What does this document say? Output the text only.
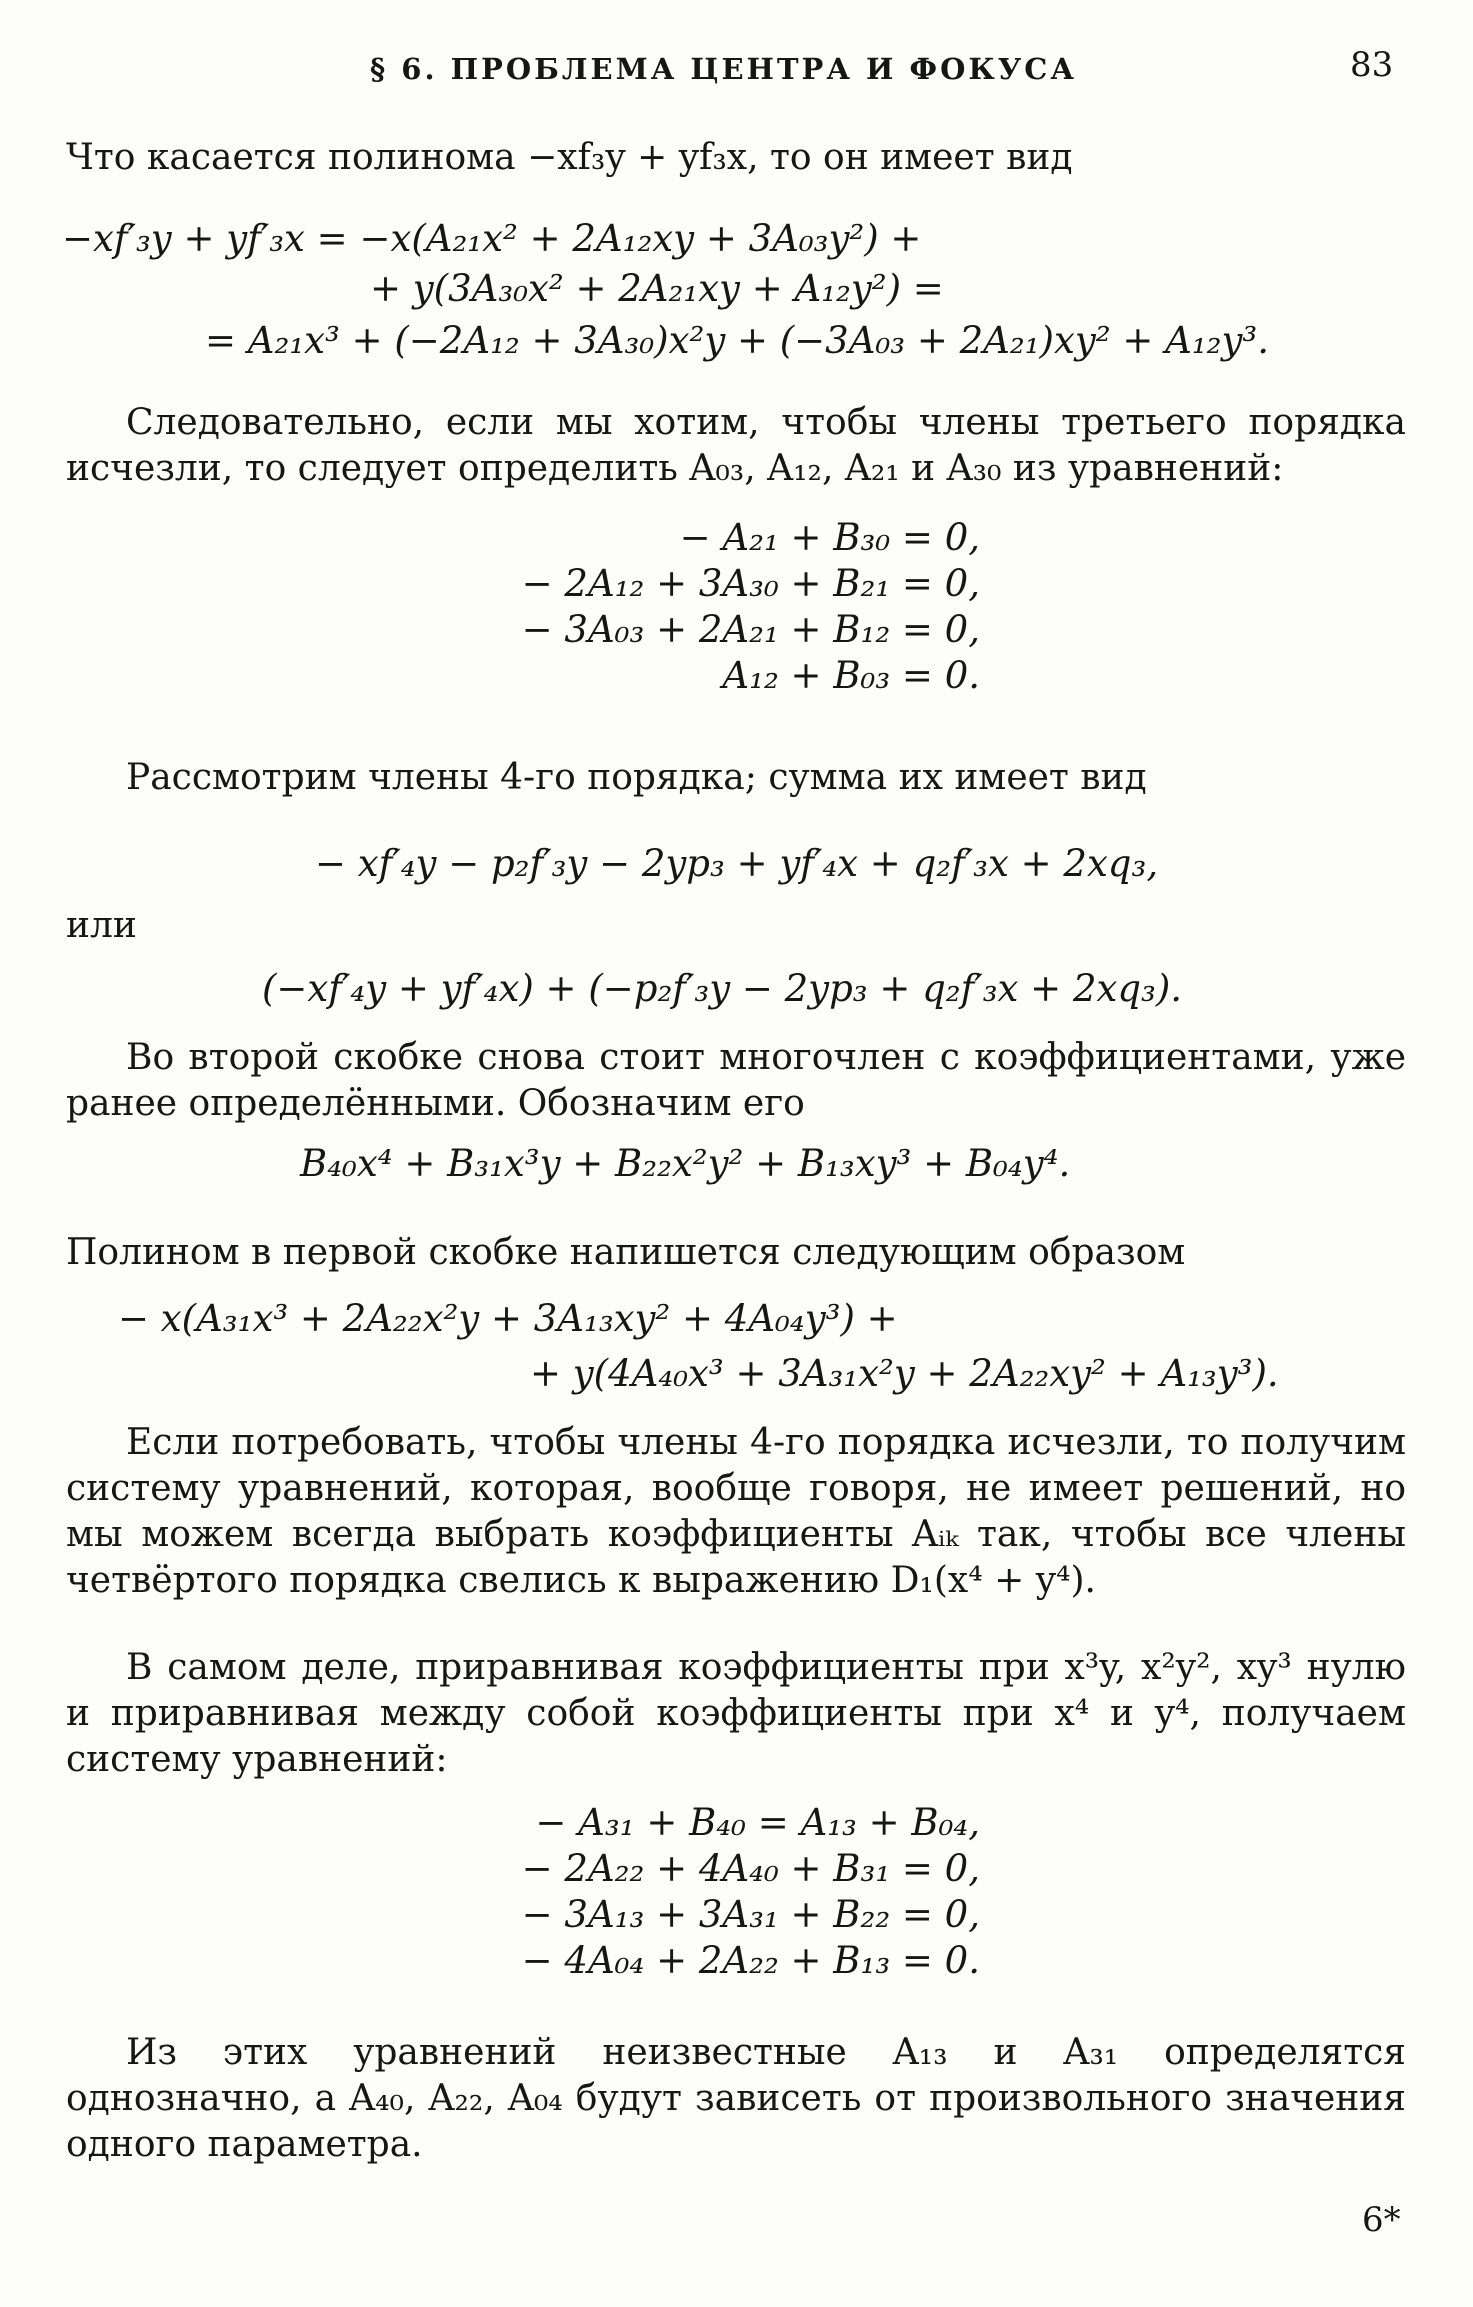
§ 6. ПРОБЛЕМА ЦЕНТРА И ФОКУСА	83
Что касается полинома −xf₃y + yf₃x, то он имеет вид
−xf′₃y + yf′₃x = −x(A₂₁x² + 2A₁₂xy + 3A₀₃y²) +
+ y(3A₃₀x² + 2A₂₁xy + A₁₂y²) =
= A₂₁x³ + (−2A₁₂ + 3A₃₀)x²y + (−3A₀₃ + 2A₂₁)xy² + A₁₂y³.
Следовательно, если мы хотим, чтобы члены третьего порядка исчезли, то следует определить A₀₃, A₁₂, A₂₁ и A₃₀ из уравнений:
− A₂₁ + B₃₀ = 0,
− 2A₁₂ + 3A₃₀ + B₂₁ = 0,
− 3A₀₃ + 2A₂₁ + B₁₂ = 0,
A₁₂ + B₀₃ = 0.
Рассмотрим члены 4-го порядка; сумма их имеет вид
− xf′₄y − p₂f′₃y − 2yp₃ + yf′₄x + q₂f′₃x + 2xq₃,
или
(−xf′₄y + yf′₄x) + (−p₂f′₃y − 2yp₃ + q₂f′₃x + 2xq₃).
Во второй скобке снова стоит многочлен с коэффициентами, уже ранее определёнными. Обозначим его
B₄₀x⁴ + B₃₁x³y + B₂₂x²y² + B₁₃xy³ + B₀₄y⁴.
Полином в первой скобке напишется следующим образом
− x(A₃₁x³ + 2A₂₂x²y + 3A₁₃xy² + 4A₀₄y³) +
+ y(4A₄₀x³ + 3A₃₁x²y + 2A₂₂xy² + A₁₃y³).
Если потребовать, чтобы члены 4-го порядка исчезли, то получим систему уравнений, которая, вообще говоря, не имеет решений, но мы можем всегда выбрать коэффициенты Aᵢₖ так, чтобы все члены четвёртого порядка свелись к выражению D₁(x⁴ + y⁴).
В самом деле, приравнивая коэффициенты при x³y, x²y², xy³ нулю и приравнивая между собой коэффициенты при x⁴ и y⁴, получаем систему уравнений:
− A₃₁ + B₄₀ = A₁₃ + B₀₄,
− 2A₂₂ + 4A₄₀ + B₃₁ = 0,
− 3A₁₃ + 3A₃₁ + B₂₂ = 0,
− 4A₀₄ + 2A₂₂ + B₁₃ = 0.
Из этих уравнений неизвестные A₁₃ и A₃₁ определятся однозначно, а A₄₀, A₂₂, A₀₄ будут зависеть от произвольного значения одного параметра.
6*
